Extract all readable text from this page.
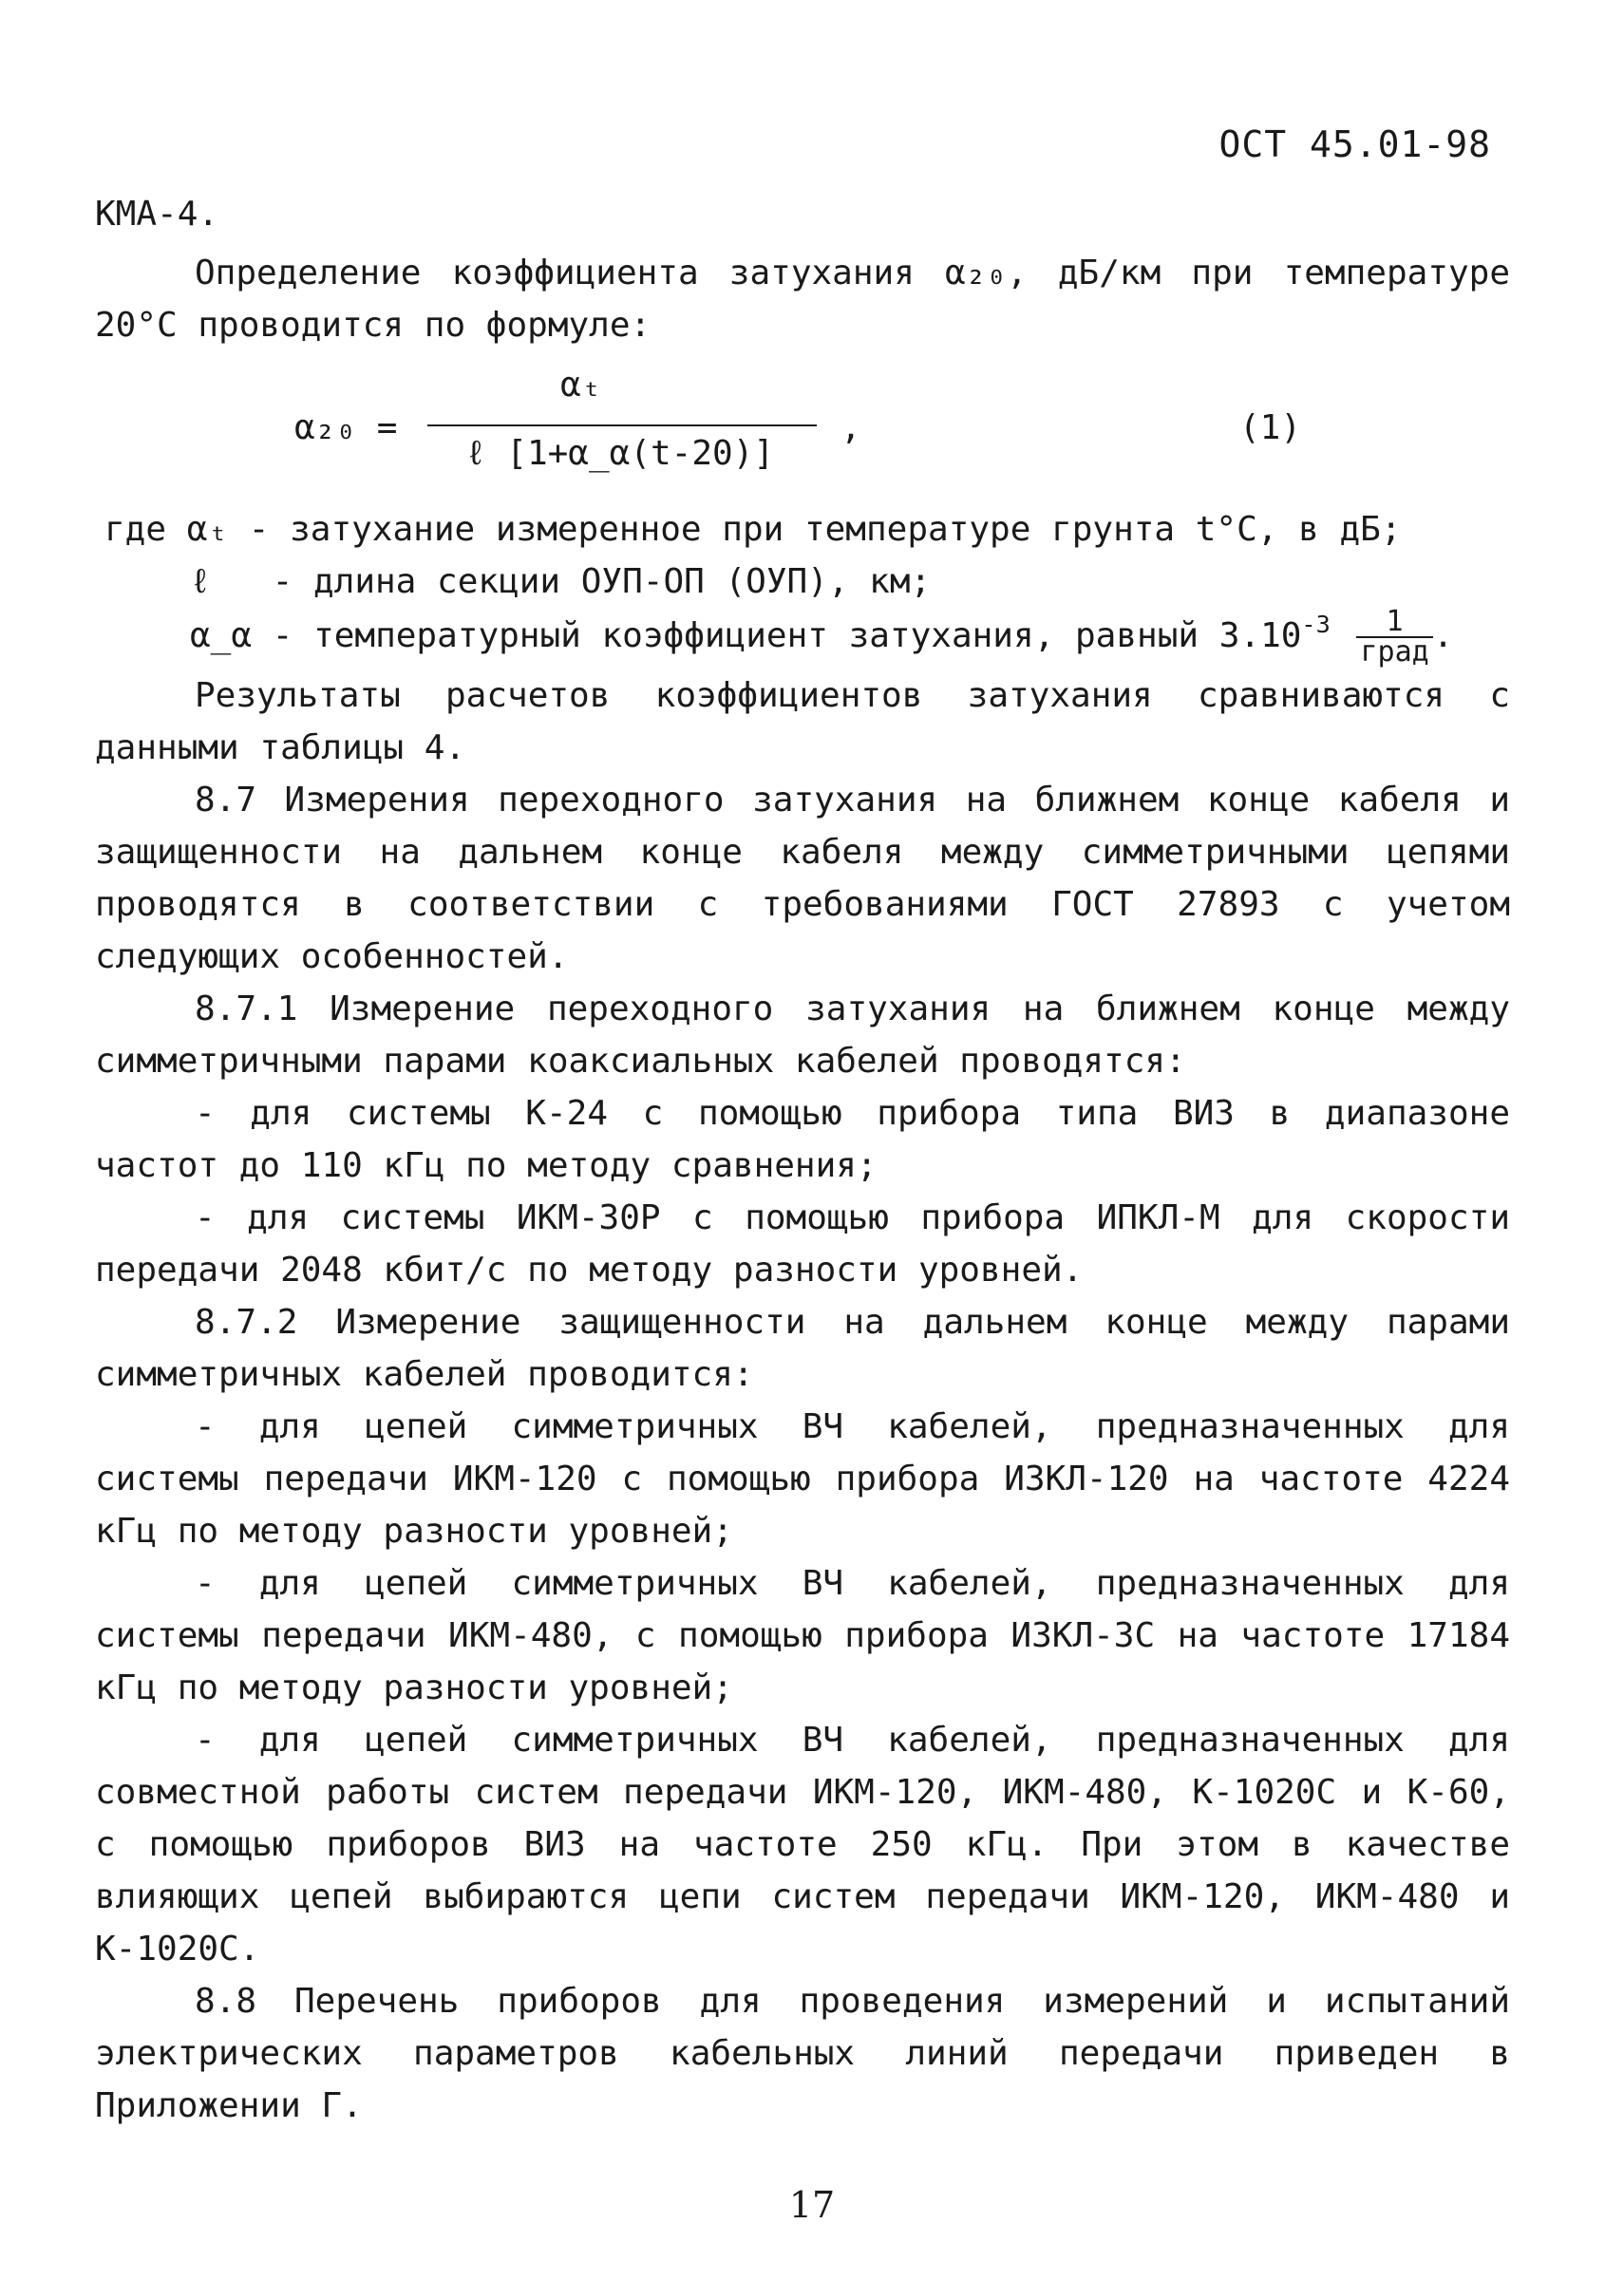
ОСТ 45.01-98
КМА-4.

Определение коэффициента затухания α₂₀, дБ/км при температуре 20°С проводится по формуле:

α₂₀ =
αₜ
ℓ [1+α_α(t-20)]
,	(1)
где αₜ - затухание измеренное при температуре грунта t°С, в дБ;
ℓ - длина секции ОУП-ОП (ОУП), км;
α_α - температурный коэффициент затухания, равный $3.10^{-3} \frac{1}{\text{град}}$ .

Результаты расчетов коэффициентов затухания сравниваются с данными таблицы 4.

8.7 Измерения переходного затухания на ближнем конце кабеля и защищенности на дальнем конце кабеля между симметричными цепями проводятся в соответствии с требованиями ГОСТ 27893 с учетом следующих особенностей.

8.7.1 Измерение переходного затухания на ближнем конце между симметричными парами коаксиальных кабелей проводятся:

- для системы К-24 с помощью прибора типа ВИЗ в диапазоне частот до 110 кГц по методу сравнения;

- для системы ИКМ-30Р с помощью прибора ИПКЛ-М для скорости передачи 2048 кбит/с по методу разности уровней.

8.7.2 Измерение защищенности на дальнем конце между парами симметричных кабелей проводится:

- для цепей симметричных ВЧ кабелей, предназначенных для системы передачи ИКМ-120 с помощью прибора ИЗКЛ-120 на частоте 4224 кГц по методу разности уровней;

- для цепей симметричных ВЧ кабелей, предназначенных для системы передачи ИКМ-480, с помощью прибора ИЗКЛ-3С на частоте 17184 кГц по методу разности уровней;

- для цепей симметричных ВЧ кабелей, предназначенных для совместной работы систем передачи ИКМ-120, ИКМ-480, К-1020С и К-60, с помощью приборов ВИЗ на частоте 250 кГц. При этом в качестве влияющих цепей выбираются цепи систем передачи ИКМ-120, ИКМ-480 и К-1020С.

8.8 Перечень приборов для проведения измерений и испытаний электрических параметров кабельных линий передачи приведен в Приложении Г.

17
